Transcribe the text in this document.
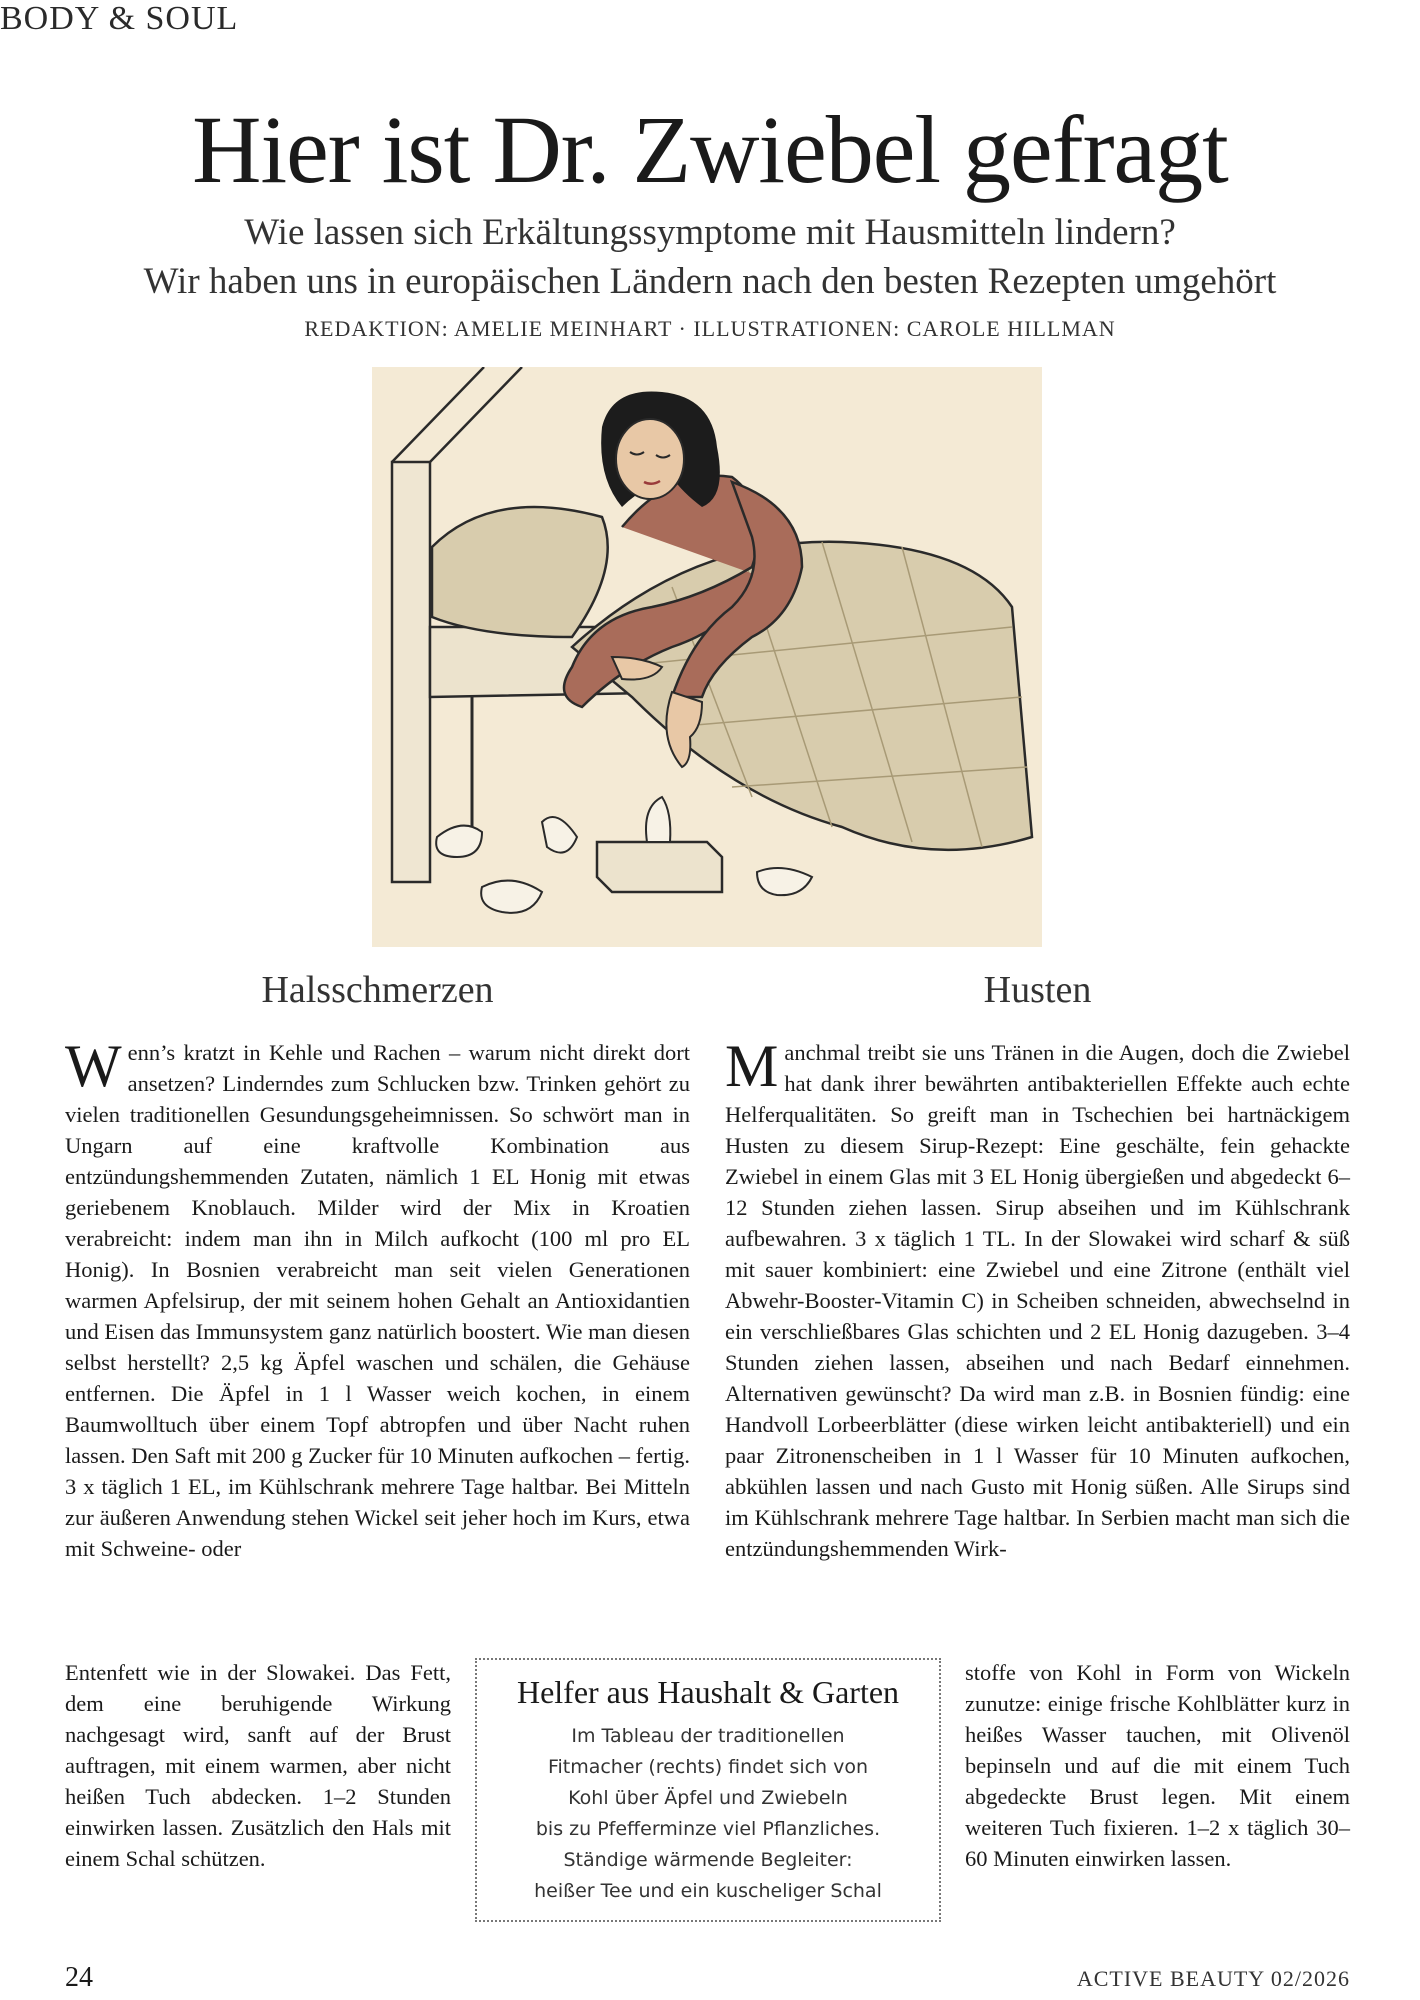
BODY & SOUL
Hier ist Dr. Zwiebel gefragt
Wie lassen sich Erkältungssymptome mit Hausmitteln lindern?
Wir haben uns in europäischen Ländern nach den besten Rezepten umgehört
REDAKTION: AMELIE MEINHART · ILLUSTRATIONEN: CAROLE HILLMAN
Halsschmerzen	Husten

Wenn’s kratzt in Kehle und Rachen – warum nicht direkt dort ansetzen? Linderndes zum Schlucken bzw. Trinken gehört zu vielen traditionellen Gesundungsgeheimnissen. So schwört man in Ungarn auf eine kraftvolle Kombination aus entzündungshemmenden Zutaten, nämlich 1 EL Honig mit etwas geriebenem Knoblauch. Milder wird der Mix in Kroatien verabreicht: indem man ihn in Milch aufkocht (100 ml pro EL Honig). In Bosnien verabreicht man seit vielen Generationen warmen Apfelsirup, der mit seinem hohen Gehalt an Antioxidantien und Eisen das Immunsystem ganz natürlich boostert. Wie man diesen selbst herstellt? 2,5 kg Äpfel waschen und schälen, die Gehäuse entfernen. Die Äpfel in 1 l Wasser weich kochen, in einem Baumwolltuch über einem Topf abtropfen und über Nacht ruhen lassen. Den Saft mit 200 g Zucker für 10 Minuten aufkochen – fertig. 3 x täglich 1 EL, im Kühlschrank mehrere Tage haltbar. Bei Mitteln zur äußeren Anwendung stehen Wickel seit jeher hoch im Kurs, etwa mit Schweine- oder

Entenfett wie in der Slowakei. Das Fett, dem eine beruhigende Wirkung nachgesagt wird, sanft auf der Brust auftragen, mit einem warmen, aber nicht heißen Tuch abdecken. 1–2 Stunden einwirken lassen. Zusätzlich den Hals mit einem Schal schützen.

Manchmal treibt sie uns Tränen in die Augen, doch die Zwiebel hat dank ihrer bewährten antibakteriellen Effekte auch echte Helferqualitäten. So greift man in Tschechien bei hartnäckigem Husten zu diesem Sirup-Rezept: Eine geschälte, fein gehackte Zwiebel in einem Glas mit 3 EL Honig übergießen und abgedeckt 6–12 Stunden ziehen lassen. Sirup abseihen und im Kühlschrank aufbewahren. 3 x täglich 1 TL. In der Slowakei wird scharf & süß mit sauer kombiniert: eine Zwiebel und eine Zitrone (enthält viel Abwehr-Booster-Vitamin C) in Scheiben schneiden, abwechselnd in ein verschließbares Glas schichten und 2 EL Honig dazugeben. 3–4 Stunden ziehen lassen, abseihen und nach Bedarf einnehmen. Alternativen gewünscht? Da wird man z.B. in Bosnien fündig: eine Handvoll Lorbeerblätter (diese wirken leicht antibakteriell) und ein paar Zitronenscheiben in 1 l Wasser für 10 Minuten aufkochen, abkühlen lassen und nach Gusto mit Honig süßen. Alle Sirups sind im Kühlschrank mehrere Tage haltbar. In Serbien macht man sich die entzündungshemmenden Wirk-

stoffe von Kohl in Form von Wickeln zunutze: einige frische Kohlblätter kurz in heißes Wasser tauchen, mit Olivenöl bepinseln und auf die mit einem Tuch abgedeckte Brust legen. Mit einem weiteren Tuch fixieren. 1–2 x täglich 30–60 Minuten einwirken lassen.

Helfer aus Haushalt & Garten
Im Tableau der traditionellen
Fitmacher (rechts) findet sich von
Kohl über Äpfel und Zwiebeln
bis zu Pfefferminze viel Pflanzliches.
Ständige wärmende Begleiter:
heißer Tee und ein kuscheliger Schal
24	ACTIVE BEAUTY 02/2026
